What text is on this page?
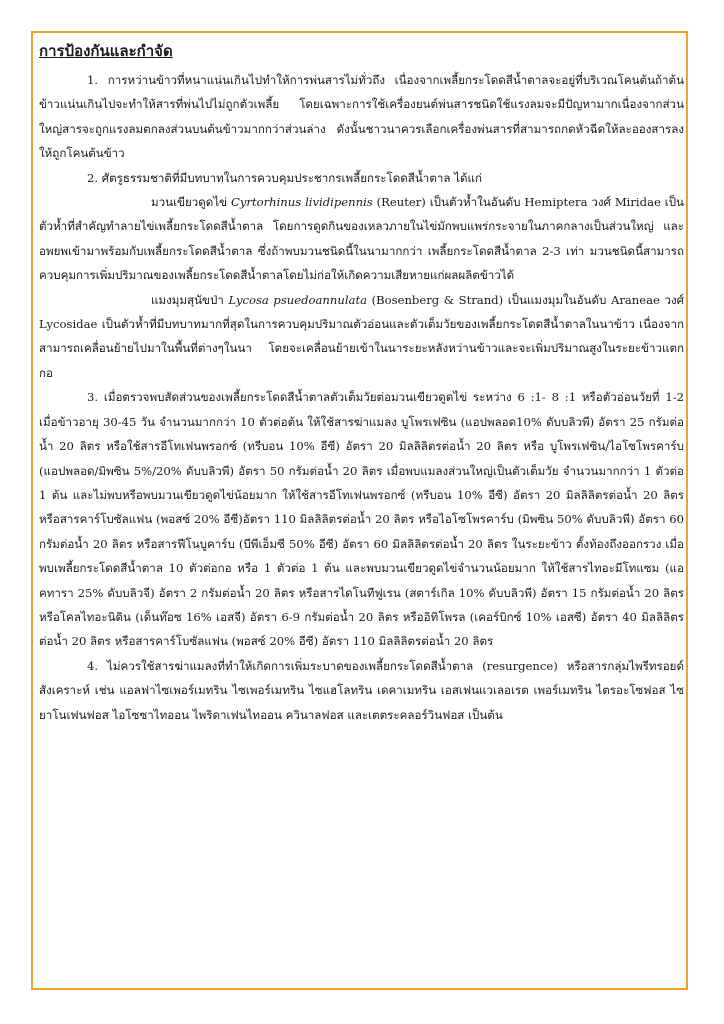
การป้องกันและกำจัด

1. การหว่านข้าวที่หนาแน่นเกินไปทำให้การพ่นสารไม่ทั่วถึง เนื่องจากเพลี้ยกระโดดสีน้ำตาลจะอยู่ที่บริเวณโคนต้นถ้าต้นข้าวแน่นเกินไปจะทำให้สารที่พ่นไปไม่ถูกตัวเพลี้ย โดยเฉพาะการใช้เครื่องยนต์พ่นสารชนิดใช้แรงลมจะมีปัญหามากเนื่องจากส่วนใหญ่สารจะถูกแรงลมตกลงส่วนบนต้นข้าวมากกว่าส่วนล่าง ดังนั้นชาวนาควรเลือกเครื่องพ่นสารที่สามารถกดหัวฉีดให้ละอองสารลงให้ถูกโคนต้นข้าว

2. ศัตรูธรรมชาติที่มีบทบาทในการควบคุมประชากรเพลี้ยกระโดดสีน้ำตาล ได้แก่

มวนเขียวดูดไข่ Cyrtorhinus lividipennis (Reuter) เป็นตัวห้ำในอันดับ Hemiptera วงศ์ Miridae เป็นตัวห้ำที่สำคัญทำลายไข่เพลี้ยกระโดดสีน้ำตาล โดยการดูดกินของเหลวภายในไข่มักพบแพร่กระจายในภาคกลางเป็นส่วนใหญ่ และอพยพเข้ามาพร้อมกับเพลี้ยกระโดดสีน้ำตาล ซึ่งถ้าพบมวนชนิดนี้ในนามากกว่า เพลี้ยกระโดดสีน้ำตาล 2-3 เท่า มวนชนิดนี้สามารถควบคุมการเพิ่มปริมาณของเพลี้ยกระโดดสีน้ำตาลโดยไม่ก่อให้เกิดความเสียหายแก่ผลผลิตข้าวได้

แมงมุมสุนัขป่า Lycosa psuedoannulata (Bosenberg & Strand) เป็นแมงมุมในอันดับ Araneae วงศ์ Lycosidae เป็นตัวห้ำที่มีบทบาทมากที่สุดในการควบคุมปริมาณตัวอ่อนและตัวเต็มวัยของเพลี้ยกระโดดสีน้ำตาลในนาข้าว เนื่องจากสามารถเคลื่อนย้ายไปมาในพื้นที่ต่างๆในนา โดยจะเคลื่อนย้ายเข้าในนาระยะหลังหว่านข้าวและจะเพิ่มปริมาณสูงในระยะข้าวแตกกอ

3. เมื่อตรวจพบสัดส่วนของเพลี้ยกระโดดสีน้ำตาลตัวเต็มวัยต่อมวนเขียวดูดไข่ ระหว่าง 6 :1- 8 :1 หรือตัวอ่อนวัยที่ 1-2 เมื่อข้าวอายุ 30-45 วัน จำนวนมากกว่า 10 ตัวต่อต้น ให้ใช้สารฆ่าแมลง บูโพรเฟซิน (แอปพลอด10% ดับบลิวพี) อัตรา 25 กรัมต่อน้ำ 20 ลิตร หรือใช้สารอีโทเฟนพรอกซ์ (ทรีบอน 10% อีซี) อัตรา 20 มิลลิลิตรต่อน้ำ 20 ลิตร หรือ บูโพรเฟซิน/ไอโซโพรคาร์บ (แอปพลอด/มิพซิน 5%/20% ดับบลิวพี) อัตรา 50 กรัมต่อน้ำ 20 ลิตร เมื่อพบแมลงส่วนใหญ่เป็นตัวเต็มวัย จำนวนมากกว่า 1 ตัวต่อ 1 ต้น และไม่พบหรือพบมวนเขียวดูดไข่น้อยมาก ให้ใช้สารอีโทเฟนพรอกซ์ (ทรีบอน 10% อีซี) อัตรา 20 มิลลิลิตรต่อน้ำ 20 ลิตร หรือสารคาร์โบซัลแฟน (พอสซ์ 20% อีซี)อัตรา 110 มิลลิลิตรต่อน้ำ 20 ลิตร หรือไอโซโพรคาร์บ (มิพซิน 50% ดับบลิวพี) อัตรา 60 กรัมต่อน้ำ 20 ลิตร หรือสารฟีโนบูคาร์บ (บีพีเอ็มซี 50% อีซี) อัตรา 60 มิลลิลิตรต่อน้ำ 20 ลิตร ในระยะข้าว ตั้งท้องถึงออกรวง เมื่อพบเพลี้ยกระโดดสีน้ำตาล 10 ตัวต่อกอ หรือ 1 ตัวต่อ 1 ต้น และพบมวนเขียวดูดไข่จำนวนน้อยมาก ให้ใช้สารไทอะมีโทแซม (แอคทารา 25% ดับบลิวจี) อัตรา 2 กรัมต่อน้ำ 20 ลิตร หรือสารไดโนทีฟูเรน (สตาร์เกิล 10% ดับบลิวพี) อัตรา 15 กรัมต่อน้ำ 20 ลิตร หรือโคลไทอะนิดิน (เด็นท๊อซ 16% เอสจี) อัตรา 6-9 กรัมต่อน้ำ 20 ลิตร หรืออิทิโพรล (เคอร์บิกซ์ 10% เอสซี) อัตรา 40 มิลลิลิตรต่อน้ำ 20 ลิตร หรือสารคาร์โบซัลแฟน (พอสซ์ 20% อีซี) อัตรา 110 มิลลิลิตรต่อน้ำ 20 ลิตร

4. ไม่ควรใช้สารฆ่าแมลงที่ทำให้เกิดการเพิ่มระบาดของเพลี้ยกระโดดสีน้ำตาล (resurgence) หรือสารกลุ่มไพรีทรอยด์สังเคราะห์ เช่น แอลฟาไซเพอร์เมทริน ไซเพอร์เมทริน ไซแฮโลทริน เดคาเมทริน เอสเฟนแวเลอเรต เพอร์เมทริน ไตรอะโซฟอส ไซยาโนเฟนฟอส ไอโซซาไทออน ไพริดาเฟนไทออน ควินาลฟอส และเตตระคลอร์วินฟอส เป็นต้น
